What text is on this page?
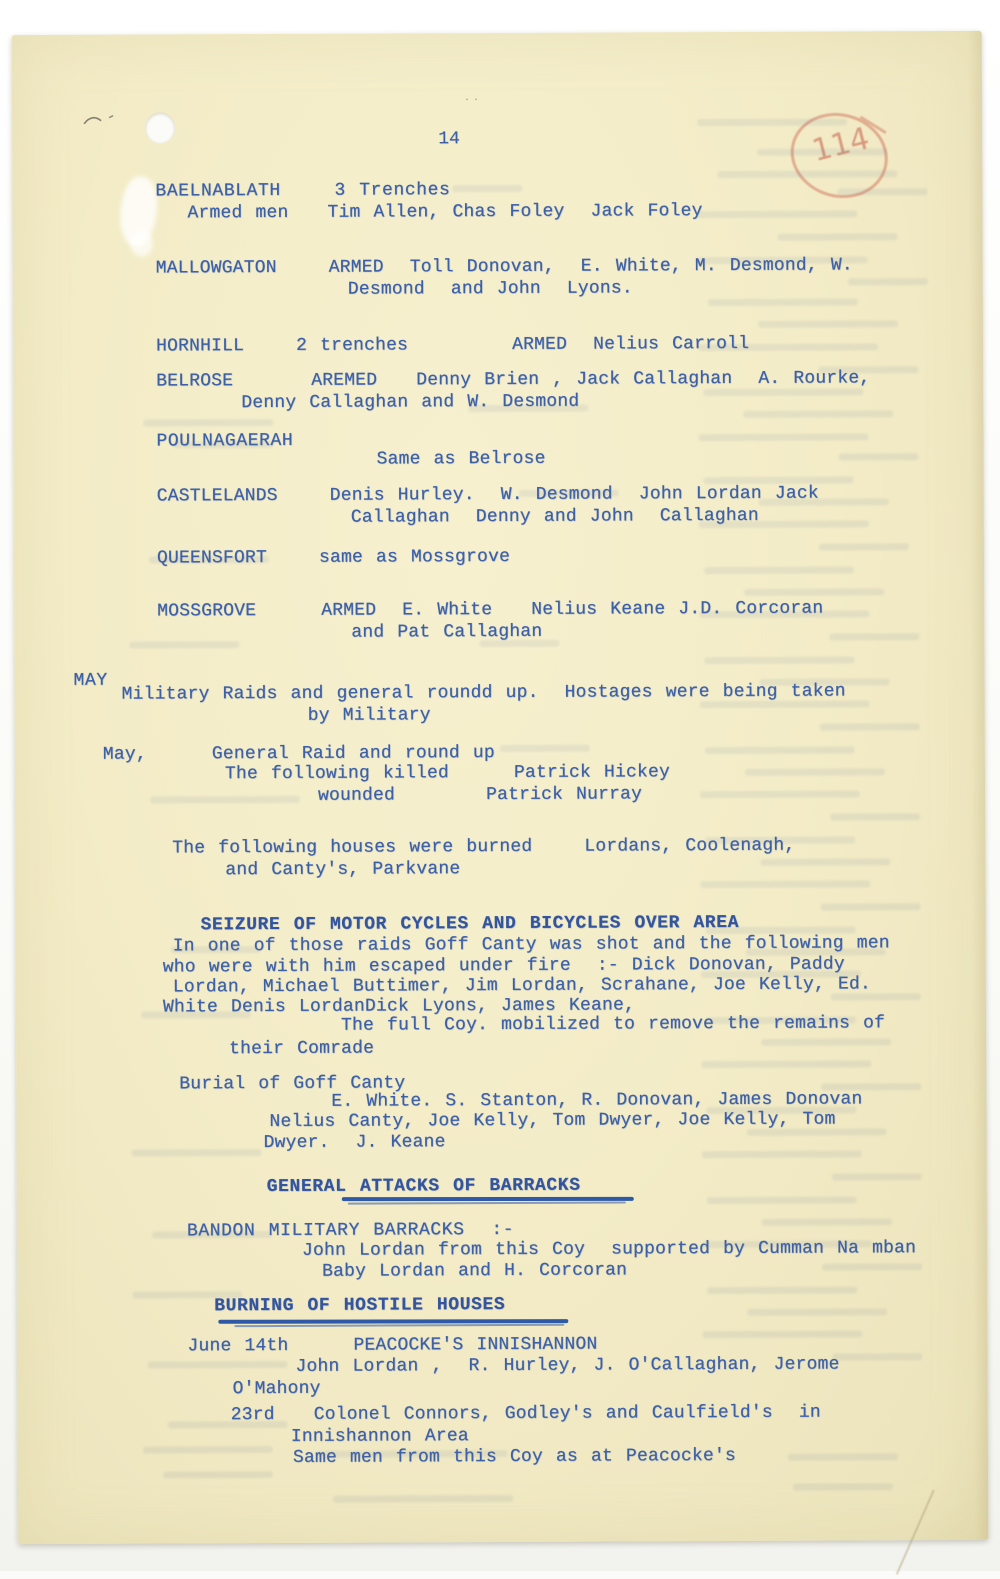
..
114
14
BAELNABLATH    3 Trenches
Armed men   Tim Allen, Chas Foley  Jack Foley
MALLOWGATON    ARMED  Toll Donovan,  E. White, M. Desmond, W.
Desmond  and John  Lyons.
HORNHILL    2 trenches        ARMED  Nelius Carroll
BELROSE      AREMED   Denny Brien , Jack Callaghan  A. Rourke,
Denny Callaghan and W. Desmond
POULNAGAERAH
Same as Belrose
CASTLELANDS    Denis Hurley.  W. Desmond  John Lordan Jack
Callaghan  Denny and John  Callaghan
QUEENSFORT    same as Mossgrove
MOSSGROVE     ARMED  E. White   Nelius Keane J.D. Corcoran
and Pat Callaghan
MAY
Military Raids and general roundd up.  Hostages were being taken
by Military
May,     General Raid and round up
The following killed     Patrick Hickey
wounded       Patrick Nurray
The following houses were burned    Lordans, Coolenagh,
and Canty's, Parkvane
SEIZURE OF MOTOR CYCLES AND BICYCLES OVER AREA
In one of those raids Goff Canty was shot and the following men
who were with him escaped under fire  :- Dick Donovan, Paddy
Lordan, Michael Buttimer, Jim Lordan, Scrahane, Joe Kelly, Ed.
White Denis LordanDick Lyons, James Keane,
The full Coy. mobilized to remove the remains of
their Comrade
Burial of Goff Canty
E. White. S. Stanton, R. Donovan, James Donovan
Nelius Canty, Joe Kelly, Tom Dwyer, Joe Kelly, Tom
Dwyer.  J. Keane
GENERAL ATTACKS OF BARRACKS
BANDON MILITARY BARRACKS  :-
John Lordan from this Coy  supported by Cumman Na mban
Baby Lordan and H. Corcoran
BURNING OF HOSTILE HOUSES
June 14th     PEACOCKE'S INNISHANNON
John Lordan ,  R. Hurley, J. O'Callaghan, Jerome
O'Mahony
23rd   Colonel Connors, Godley's and Caulfield's  in
Innishannon Area
Same men from this Coy as at Peacocke's
